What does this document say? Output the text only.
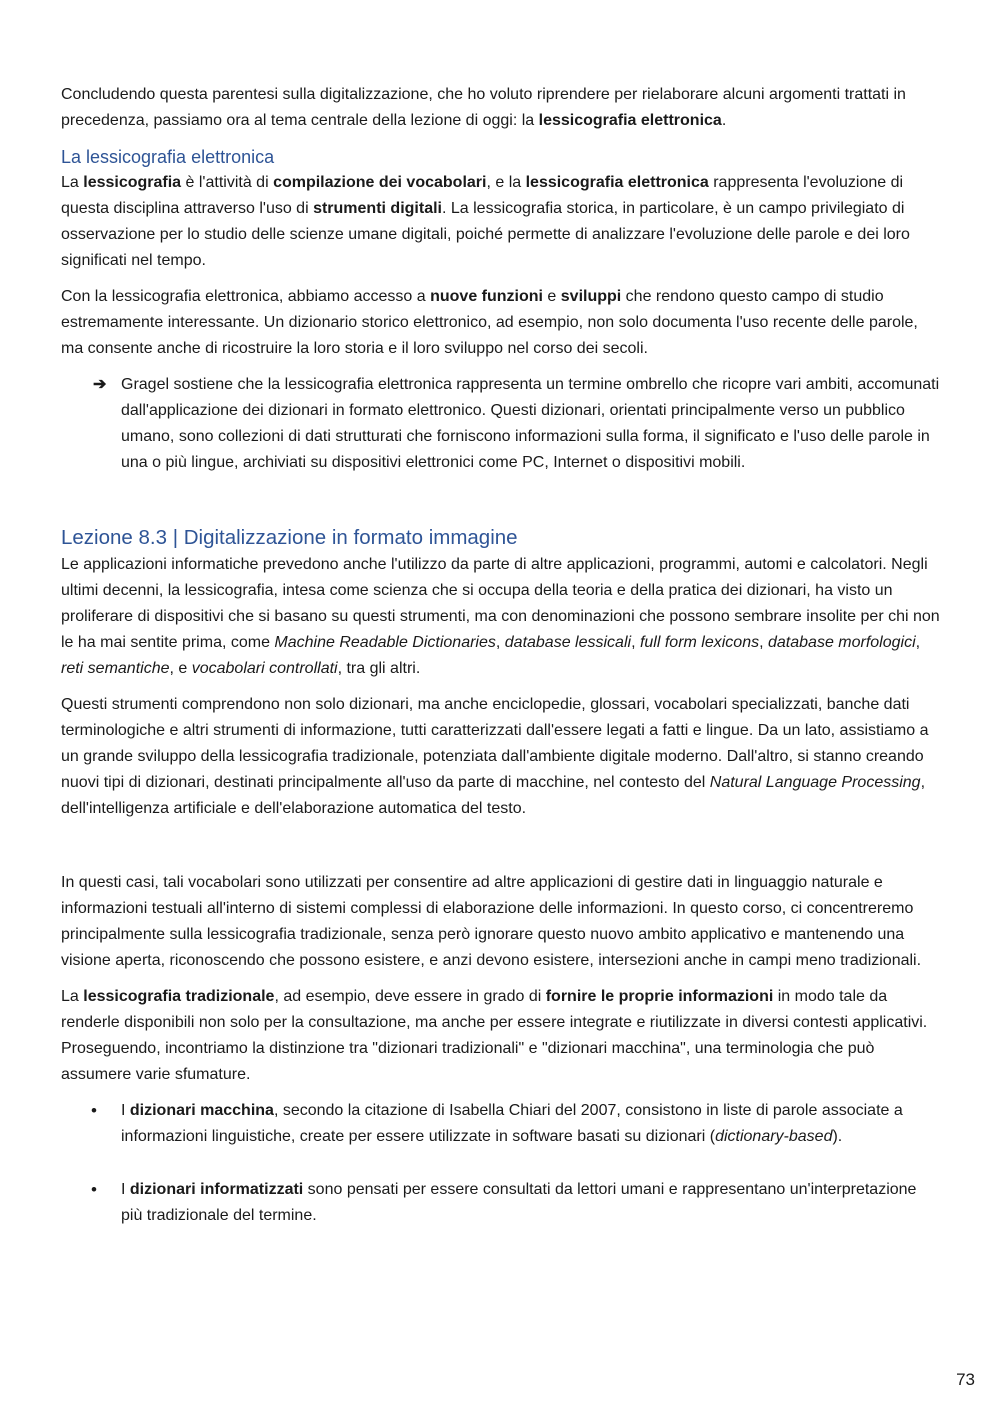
Concludendo questa parentesi sulla digitalizzazione, che ho voluto riprendere per rielaborare alcuni argomenti trattati in precedenza, passiamo ora al tema centrale della lezione di oggi: la lessicografia elettronica.

La lessicografia elettronica

La lessicografia è l'attività di compilazione dei vocabolari, e la lessicografia elettronica rappresenta l'evoluzione di questa disciplina attraverso l'uso di strumenti digitali. La lessicografia storica, in particolare, è un campo privilegiato di osservazione per lo studio delle scienze umane digitali, poiché permette di analizzare l'evoluzione delle parole e dei loro significati nel tempo.

Con la lessicografia elettronica, abbiamo accesso a nuove funzioni e sviluppi che rendono questo campo di studio estremamente interessante. Un dizionario storico elettronico, ad esempio, non solo documenta l'uso recente delle parole, ma consente anche di ricostruire la loro storia e il loro sviluppo nel corso dei secoli.

➔ Gragel sostiene che la lessicografia elettronica rappresenta un termine ombrello che ricopre vari ambiti, accomunati dall'applicazione dei dizionari in formato elettronico. Questi dizionari, orientati principalmente verso un pubblico umano, sono collezioni di dati strutturati che forniscono informazioni sulla forma, il significato e l'uso delle parole in una o più lingue, archiviati su dispositivi elettronici come PC, Internet o dispositivi mobili.
Lezione 8.3 | Digitalizzazione in formato immagine

Le applicazioni informatiche prevedono anche l'utilizzo da parte di altre applicazioni, programmi, automi e calcolatori. Negli ultimi decenni, la lessicografia, intesa come scienza che si occupa della teoria e della pratica dei dizionari, ha visto un proliferare di dispositivi che si basano su questi strumenti, ma con denominazioni che possono sembrare insolite per chi non le ha mai sentite prima, come Machine Readable Dictionaries, database lessicali, full form lexicons, database morfologici, reti semantiche, e vocabolari controllati, tra gli altri.

Questi strumenti comprendono non solo dizionari, ma anche enciclopedie, glossari, vocabolari specializzati, banche dati terminologiche e altri strumenti di informazione, tutti caratterizzati dall'essere legati a fatti e lingue. Da un lato, assistiamo a un grande sviluppo della lessicografia tradizionale, potenziata dall'ambiente digitale moderno. Dall'altro, si stanno creando nuovi tipi di dizionari, destinati principalmente all'uso da parte di macchine, nel contesto del Natural Language Processing, dell'intelligenza artificiale e dell'elaborazione automatica del testo.

In questi casi, tali vocabolari sono utilizzati per consentire ad altre applicazioni di gestire dati in linguaggio naturale e informazioni testuali all'interno di sistemi complessi di elaborazione delle informazioni. In questo corso, ci concentreremo principalmente sulla lessicografia tradizionale, senza però ignorare questo nuovo ambito applicativo e mantenendo una visione aperta, riconoscendo che possono esistere, e anzi devono esistere, intersezioni anche in campi meno tradizionali.

La lessicografia tradizionale, ad esempio, deve essere in grado di fornire le proprie informazioni in modo tale da renderle disponibili non solo per la consultazione, ma anche per essere integrate e riutilizzate in diversi contesti applicativi. Proseguendo, incontriamo la distinzione tra "dizionari tradizionali" e "dizionari macchina", una terminologia che può assumere varie sfumature.

• I dizionari macchina, secondo la citazione di Isabella Chiari del 2007, consistono in liste di parole associate a informazioni linguistiche, create per essere utilizzate in software basati su dizionari (dictionary-based).
• I dizionari informatizzati sono pensati per essere consultati da lettori umani e rappresentano un'interpretazione più tradizionale del termine.
73
